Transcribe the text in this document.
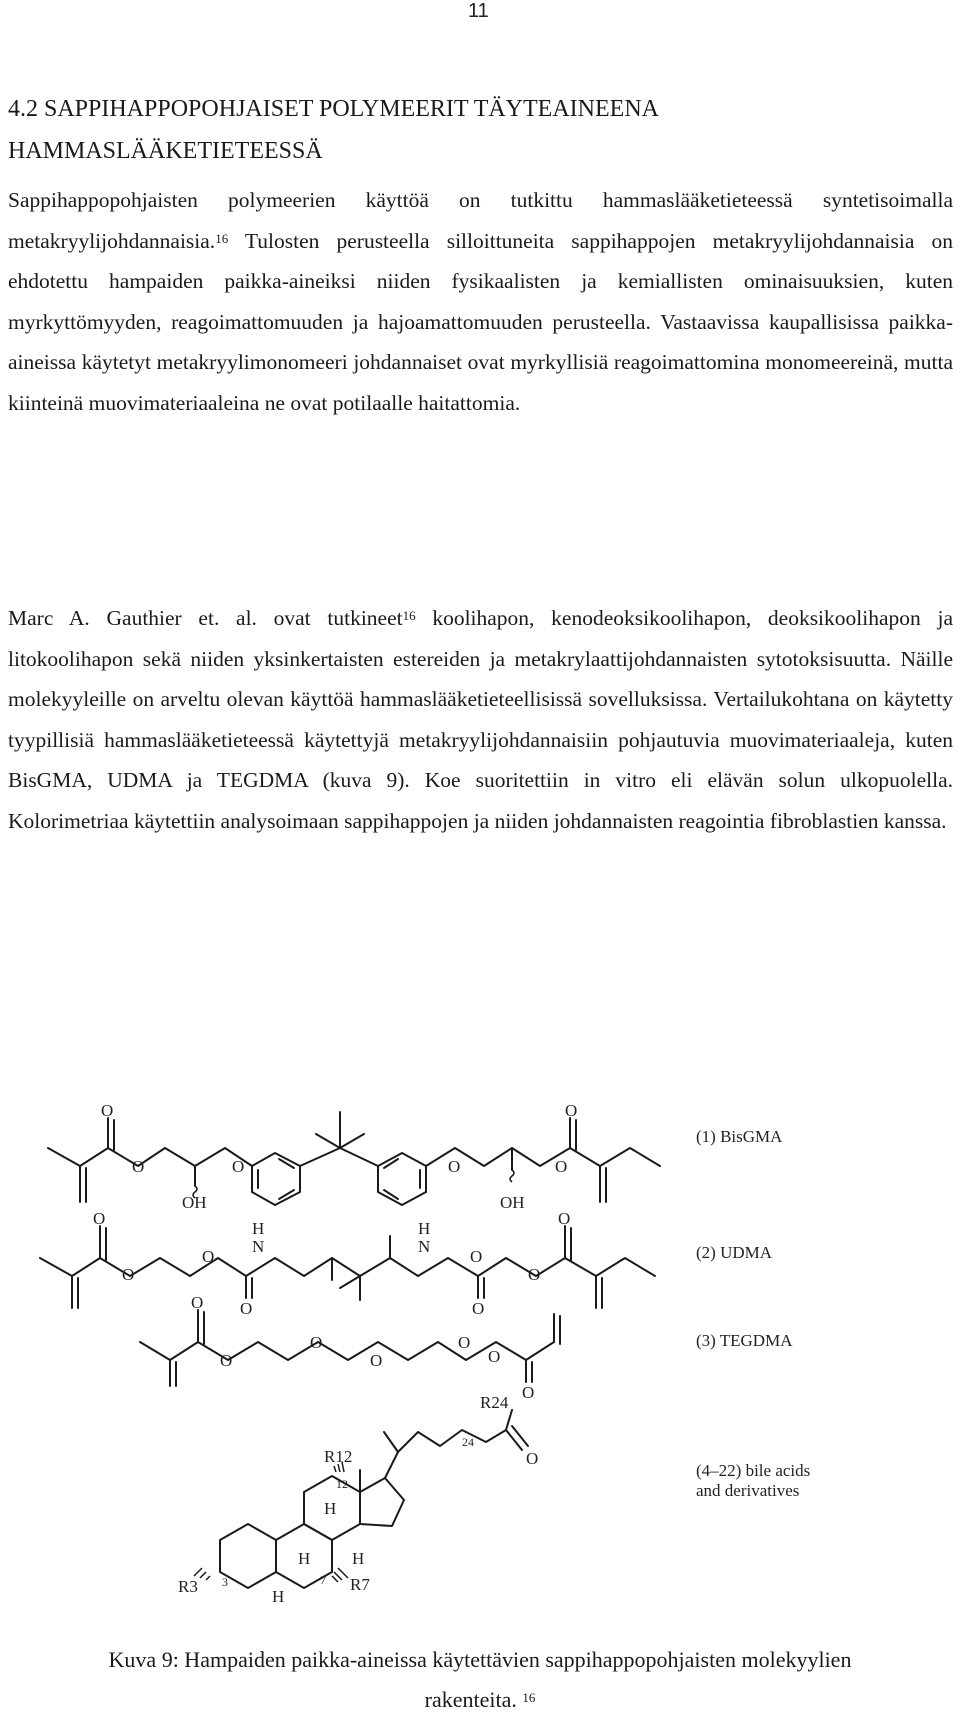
11
4.2 SAPPIHAPPOPOHJAISET POLYMEERIT TÄYTEAINEENA
HAMMASLÄÄKETIETEESSÄ

Sappihappopohjaisten polymeerien käyttöä on tutkittu hammaslääketieteessä syntetisoimalla metakryylijohdannaisia.$^{16}$ Tulosten perusteella silloittuneita sappihappojen metakryylijohdannaisia on ehdotettu hampaiden paikka-aineiksi niiden fysikaalisten ja kemiallisten ominaisuuksien, kuten myrkyttömyyden, reagoimattomuuden ja hajoamattomuuden perusteella. Vastaavissa kaupallisissa paikka-aineissa käytetyt metakryylimonomeeri johdannaiset ovat myrkyllisiä reagoimattomina monomeereinä, mutta kiinteinä muovimateriaaleina ne ovat potilaalle haitattomia.

Marc A. Gauthier et. al. ovat tutkineet$^{16}$ koolihapon, kenodeoksikoolihapon, deoksikoolihapon ja litokoolihapon sekä niiden yksinkertaisten estereiden ja metakrylaattijohdannaisten sytotoksisuutta. Näille molekyyleille on arveltu olevan käyttöä hammaslääketieteellisissä sovelluksissa. Vertailukohtana on käytetty tyypillisiä hammaslääketieteessä käytettyjä metakryylijohdannaisiin pohjautuvia muovimateriaaleja, kuten BisGMA, UDMA ja TEGDMA (kuva 9). Koe suoritettiin in vitro eli elävän solun ulkopuolella. Kolorimetriaa käytettiin analysoimaan sappihappojen ja niiden johdannaisten reagointia fibroblastien kanssa.

O
O
OH
O	O
OH
O
O
O
O
O
O
H
N
H
N
O
O
O
O
O
O
O
O
O
O
O
R12
12
H
H H
H
R3 3	7 R7
R24
24
O
(1) BisGMA
(2) UDMA
(3) TEGDMA
(4–22) bile acids
and derivatives
Kuva 9: Hampaiden paikka-aineissa käytettävien sappihappopohjaisten molekyylien
rakenteita. $^{16}$
